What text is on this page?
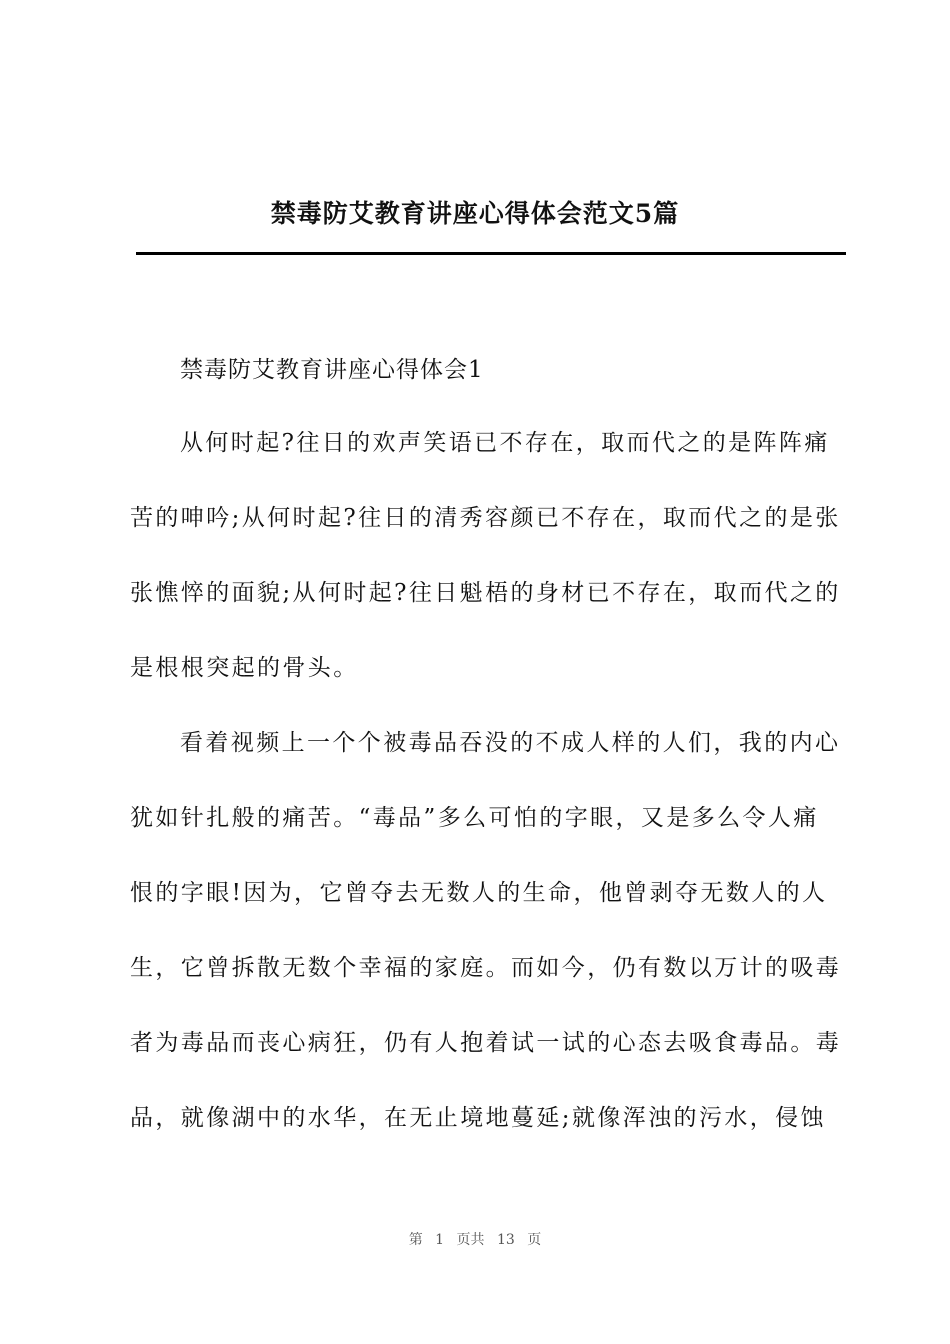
禁毒防艾教育讲座心得体会范文5篇
禁毒防艾教育讲座心得体会1
从何时起?往日的欢声笑语已不存在，取而代之的是阵阵痛
苦的呻吟;从何时起?往日的清秀容颜已不存在，取而代之的是张
张憔悴的面貌;从何时起?往日魁梧的身材已不存在，取而代之的
是根根突起的骨头。
看着视频上一个个被毒品吞没的不成人样的人们，我的内心
犹如针扎般的痛苦。“毒品”多么可怕的字眼，又是多么令人痛
恨的字眼!因为，它曾夺去无数人的生命，他曾剥夺无数人的人
生，它曾拆散无数个幸福的家庭。而如今，仍有数以万计的吸毒
者为毒品而丧心病狂，仍有人抱着试一试的心态去吸食毒品。毒
品，就像湖中的水华，在无止境地蔓延;就像浑浊的污水，侵蚀
第 1 页共 13 页
